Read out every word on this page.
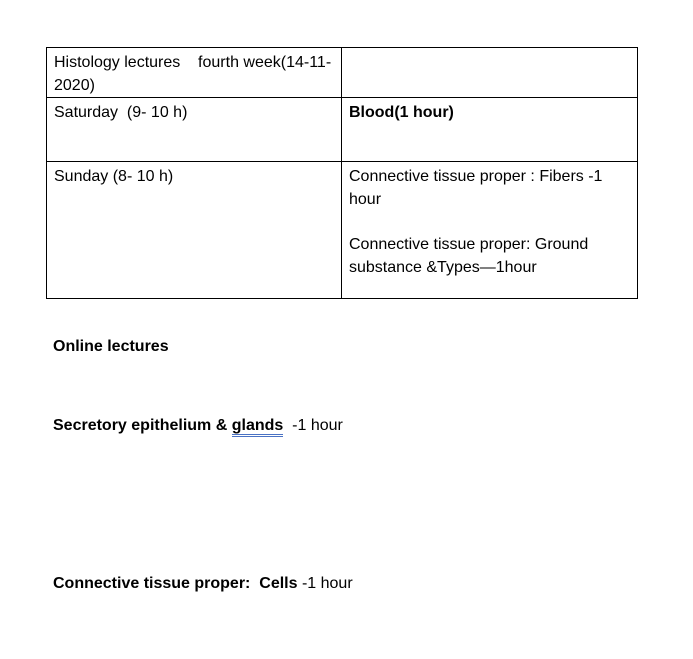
Histology lectures    fourth week(14-11-2020)	
Saturday  (9- 10 h)	Blood(1 hour)
Sunday (8- 10 h)	Connective tissue proper : Fibers -1 hour

Connective tissue proper: Ground substance &Types—1hour

Online lectures
Secretory epithelium & glands  -1 hour
Connective tissue proper:  Cells -1 hour
